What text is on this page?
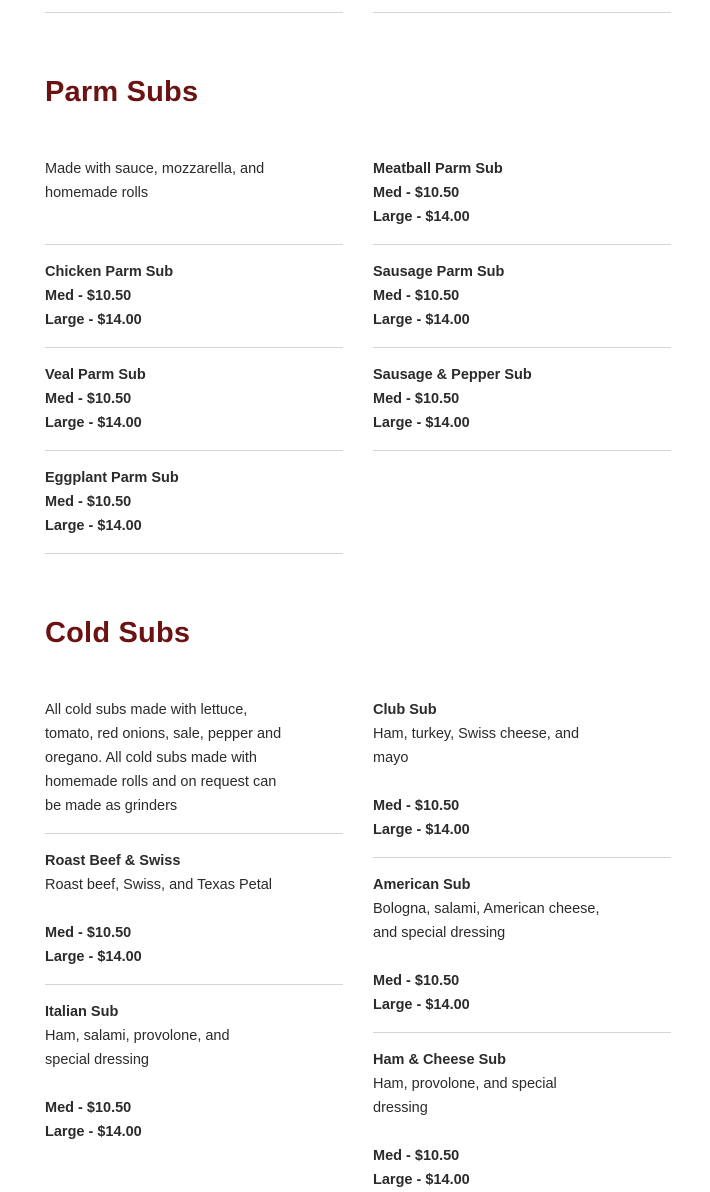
Parm Subs
Made with sauce, mozzarella, and homemade rolls
Meatball Parm Sub
Med - $10.50
Large - $14.00
Chicken Parm Sub
Med - $10.50
Large - $14.00
Sausage Parm Sub
Med - $10.50
Large - $14.00
Veal Parm Sub
Med - $10.50
Large - $14.00
Sausage & Pepper Sub
Med - $10.50
Large - $14.00
Eggplant Parm Sub
Med - $10.50
Large - $14.00
Cold Subs
All cold subs made with lettuce, tomato, red onions, sale, pepper and oregano. All cold subs made with homemade rolls and on request can be made as grinders
Club Sub
Ham, turkey, Swiss cheese, and mayo
Med - $10.50
Large - $14.00
Roast Beef & Swiss
Roast beef, Swiss, and Texas Petal
Med - $10.50
Large - $14.00
American Sub
Bologna, salami, American cheese, and special dressing
Med - $10.50
Large - $14.00
Italian Sub
Ham, salami, provolone, and special dressing
Med - $10.50
Large - $14.00
Ham & Cheese Sub
Ham, provolone, and special dressing
Med - $10.50
Large - $14.00
